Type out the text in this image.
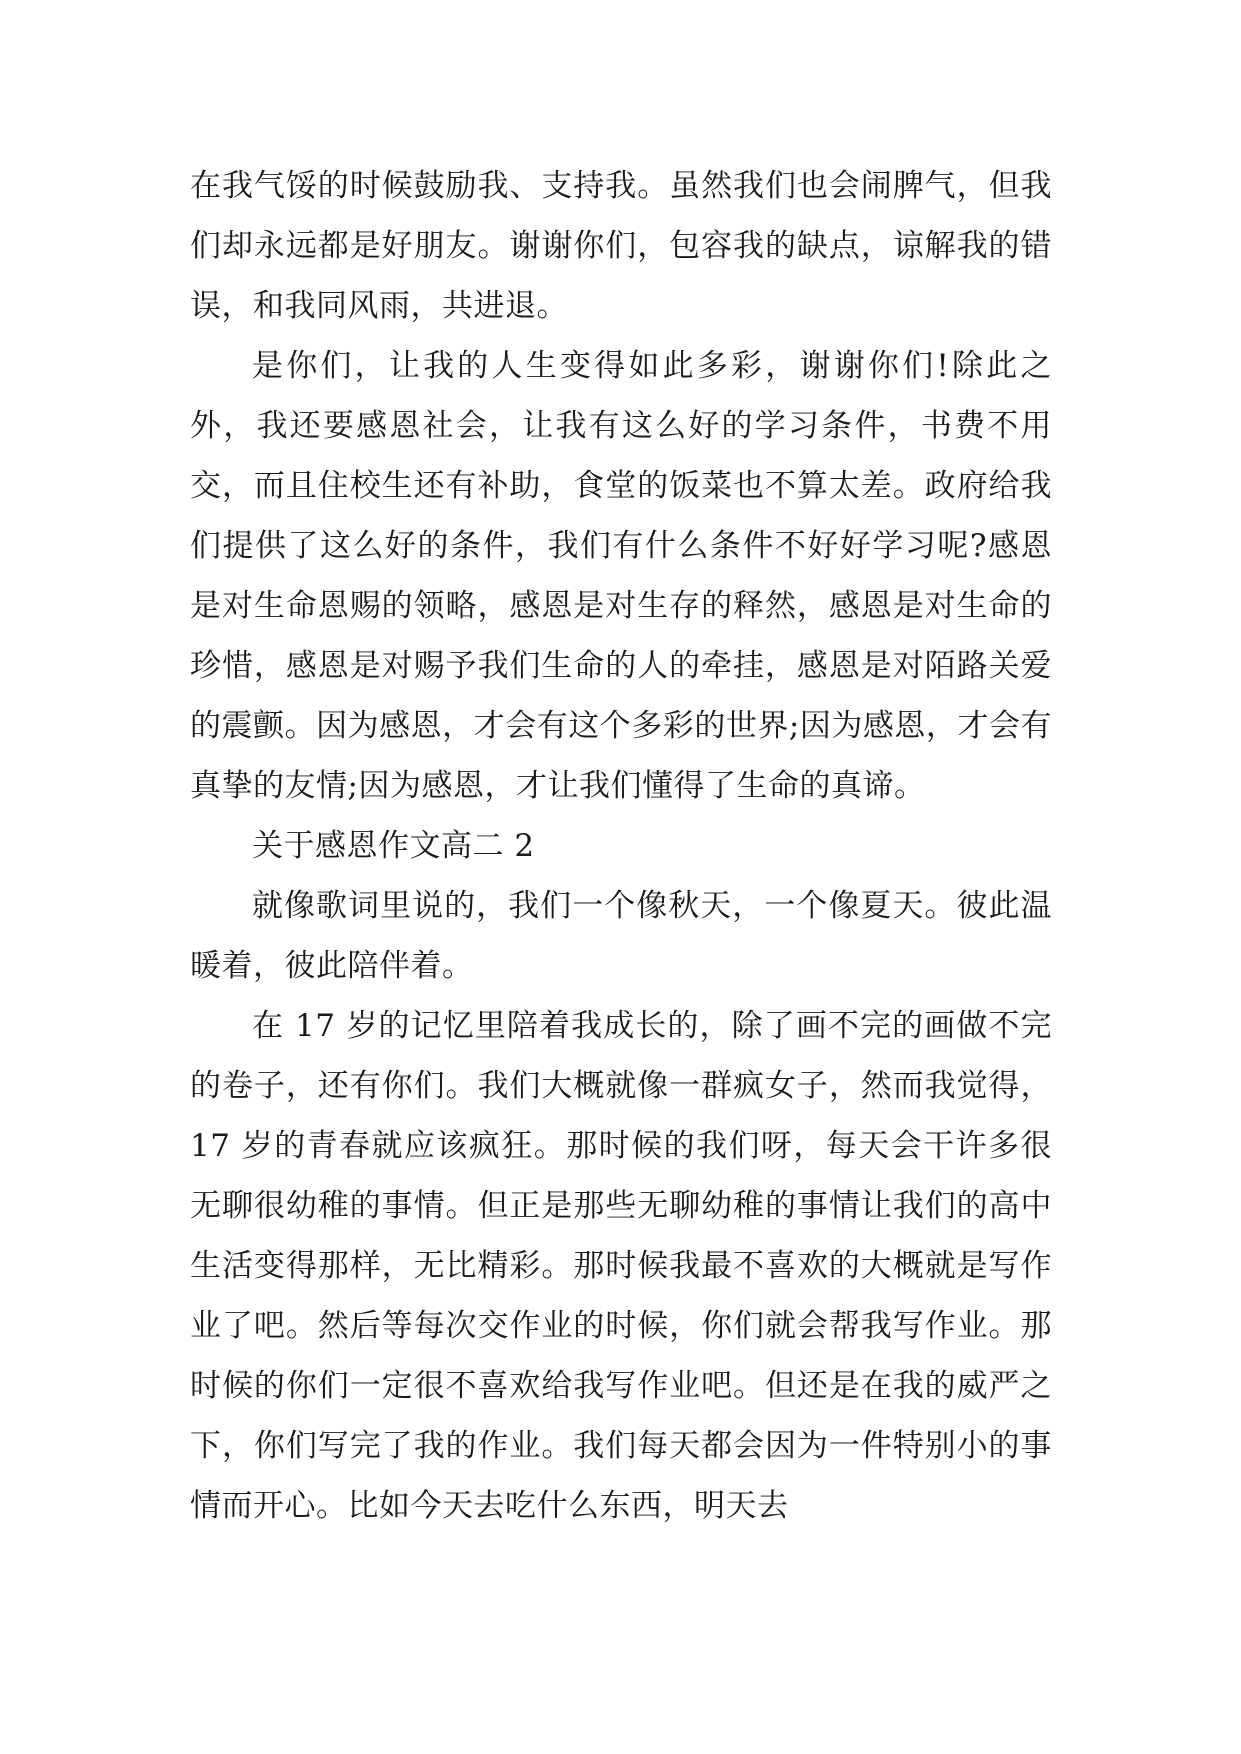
在我气馁的时候鼓励我、支持我。虽然我们也会闹脾气，但我们却永远都是好朋友。谢谢你们，包容我的缺点，谅解我的错误，和我同风雨，共进退。

是你们，让我的人生变得如此多彩，谢谢你们!除此之外，我还要感恩社会，让我有这么好的学习条件，书费不用交，而且住校生还有补助，食堂的饭菜也不算太差。政府给我们提供了这么好的条件，我们有什么条件不好好学习呢?感恩是对生命恩赐的领略，感恩是对生存的释然，感恩是对生命的珍惜，感恩是对赐予我们生命的人的牵挂，感恩是对陌路关爱的震颤。因为感恩，才会有这个多彩的世界;因为感恩，才会有真挚的友情;因为感恩，才让我们懂得了生命的真谛。

关于感恩作文高二 2

就像歌词里说的，我们一个像秋天，一个像夏天。彼此温暖着，彼此陪伴着。

在 17 岁的记忆里陪着我成长的，除了画不完的画做不完的卷子，还有你们。我们大概就像一群疯女子，然而我觉得，17 岁的青春就应该疯狂。那时候的我们呀，每天会干许多很无聊很幼稚的事情。但正是那些无聊幼稚的事情让我们的高中生活变得那样，无比精彩。那时候我最不喜欢的大概就是写作业了吧。然后等每次交作业的时候，你们就会帮我写作业。那时候的你们一定很不喜欢给我写作业吧。但还是在我的威严之下，你们写完了我的作业。我们每天都会因为一件特别小的事情而开心。比如今天去吃什么东西，明天去
